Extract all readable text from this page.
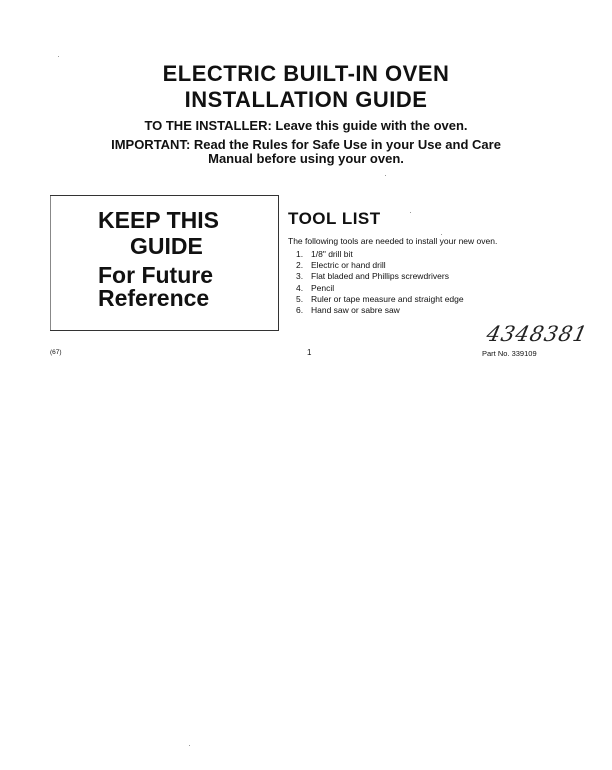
ELECTRIC BUILT-IN OVEN
INSTALLATION GUIDE
TO THE INSTALLER: Leave this guide with the oven.
IMPORTANT: Read the Rules for Safe Use in your Use and Care
Manual before using your oven.
KEEP THIS
GUIDE
For Future
Reference
TOOL LIST
The following tools are needed to install your new oven.
1. 1/8" drill bit
2. Electric or hand drill
3. Flat bladed and Phillips screwdrivers
4. Pencil
5. Ruler or tape measure and straight edge
6. Hand saw or sabre saw
4348381
(67)	1	Part No. 339109
